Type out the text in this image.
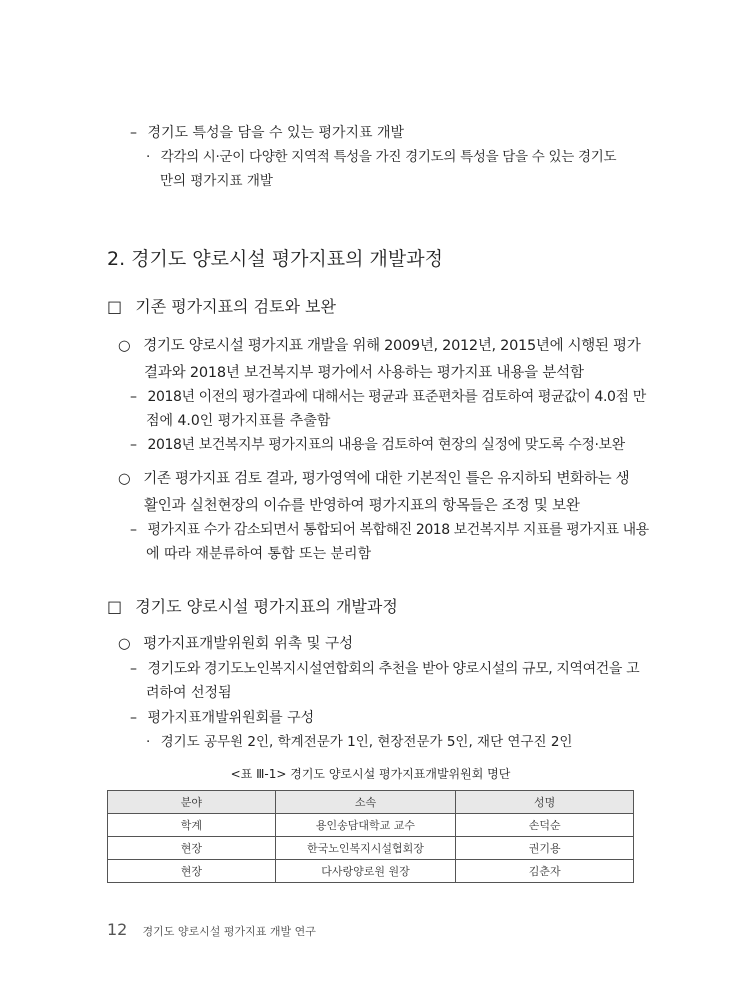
– 경기도 특성을 담을 수 있는 평가지표 개발
· 각각의 시·군이 다양한 지역적 특성을 가진 경기도의 특성을 담을 수 있는 경기도
만의 평가지표 개발
2. 경기도 양로시설 평가지표의 개발과정
□ 기존 평가지표의 검토와 보완
○ 경기도 양로시설 평가지표 개발을 위해 2009년, 2012년, 2015년에 시행된 평가
결과와 2018년 보건복지부 평가에서 사용하는 평가지표 내용을 분석함
– 2018년 이전의 평가결과에 대해서는 평균과 표준편차를 검토하여 평균값이 4.0점 만
점에 4.0인 평가지표를 추출함
– 2018년 보건복지부 평가지표의 내용을 검토하여 현장의 실정에 맞도록 수정·보완
○ 기존 평가지표 검토 결과, 평가영역에 대한 기본적인 틀은 유지하되 변화하는 생
활인과 실천현장의 이슈를 반영하여 평가지표의 항목들은 조정 및 보완
– 평가지표 수가 감소되면서 통합되어 복합해진 2018 보건복지부 지표를 평가지표 내용
에 따라 재분류하여 통합 또는 분리함
□ 경기도 양로시설 평가지표의 개발과정
○ 평가지표개발위원회 위촉 및 구성
– 경기도와 경기도노인복지시설연합회의 추천을 받아 양로시설의 규모, 지역여건을 고
려하여 선정됨
– 평가지표개발위원회를 구성
· 경기도 공무원 2인, 학계전문가 1인, 현장전문가 5인, 재단 연구진 2인
<표 Ⅲ-1> 경기도 양로시설 평가지표개발위원회 명단
분야	소속	성명
학계	용인송담대학교 교수	손덕순
현장	한국노인복지시설협회장	권기용
현장	다사랑양로원 원장	김춘자
12 경기도 양로시설 평가지표 개발 연구
